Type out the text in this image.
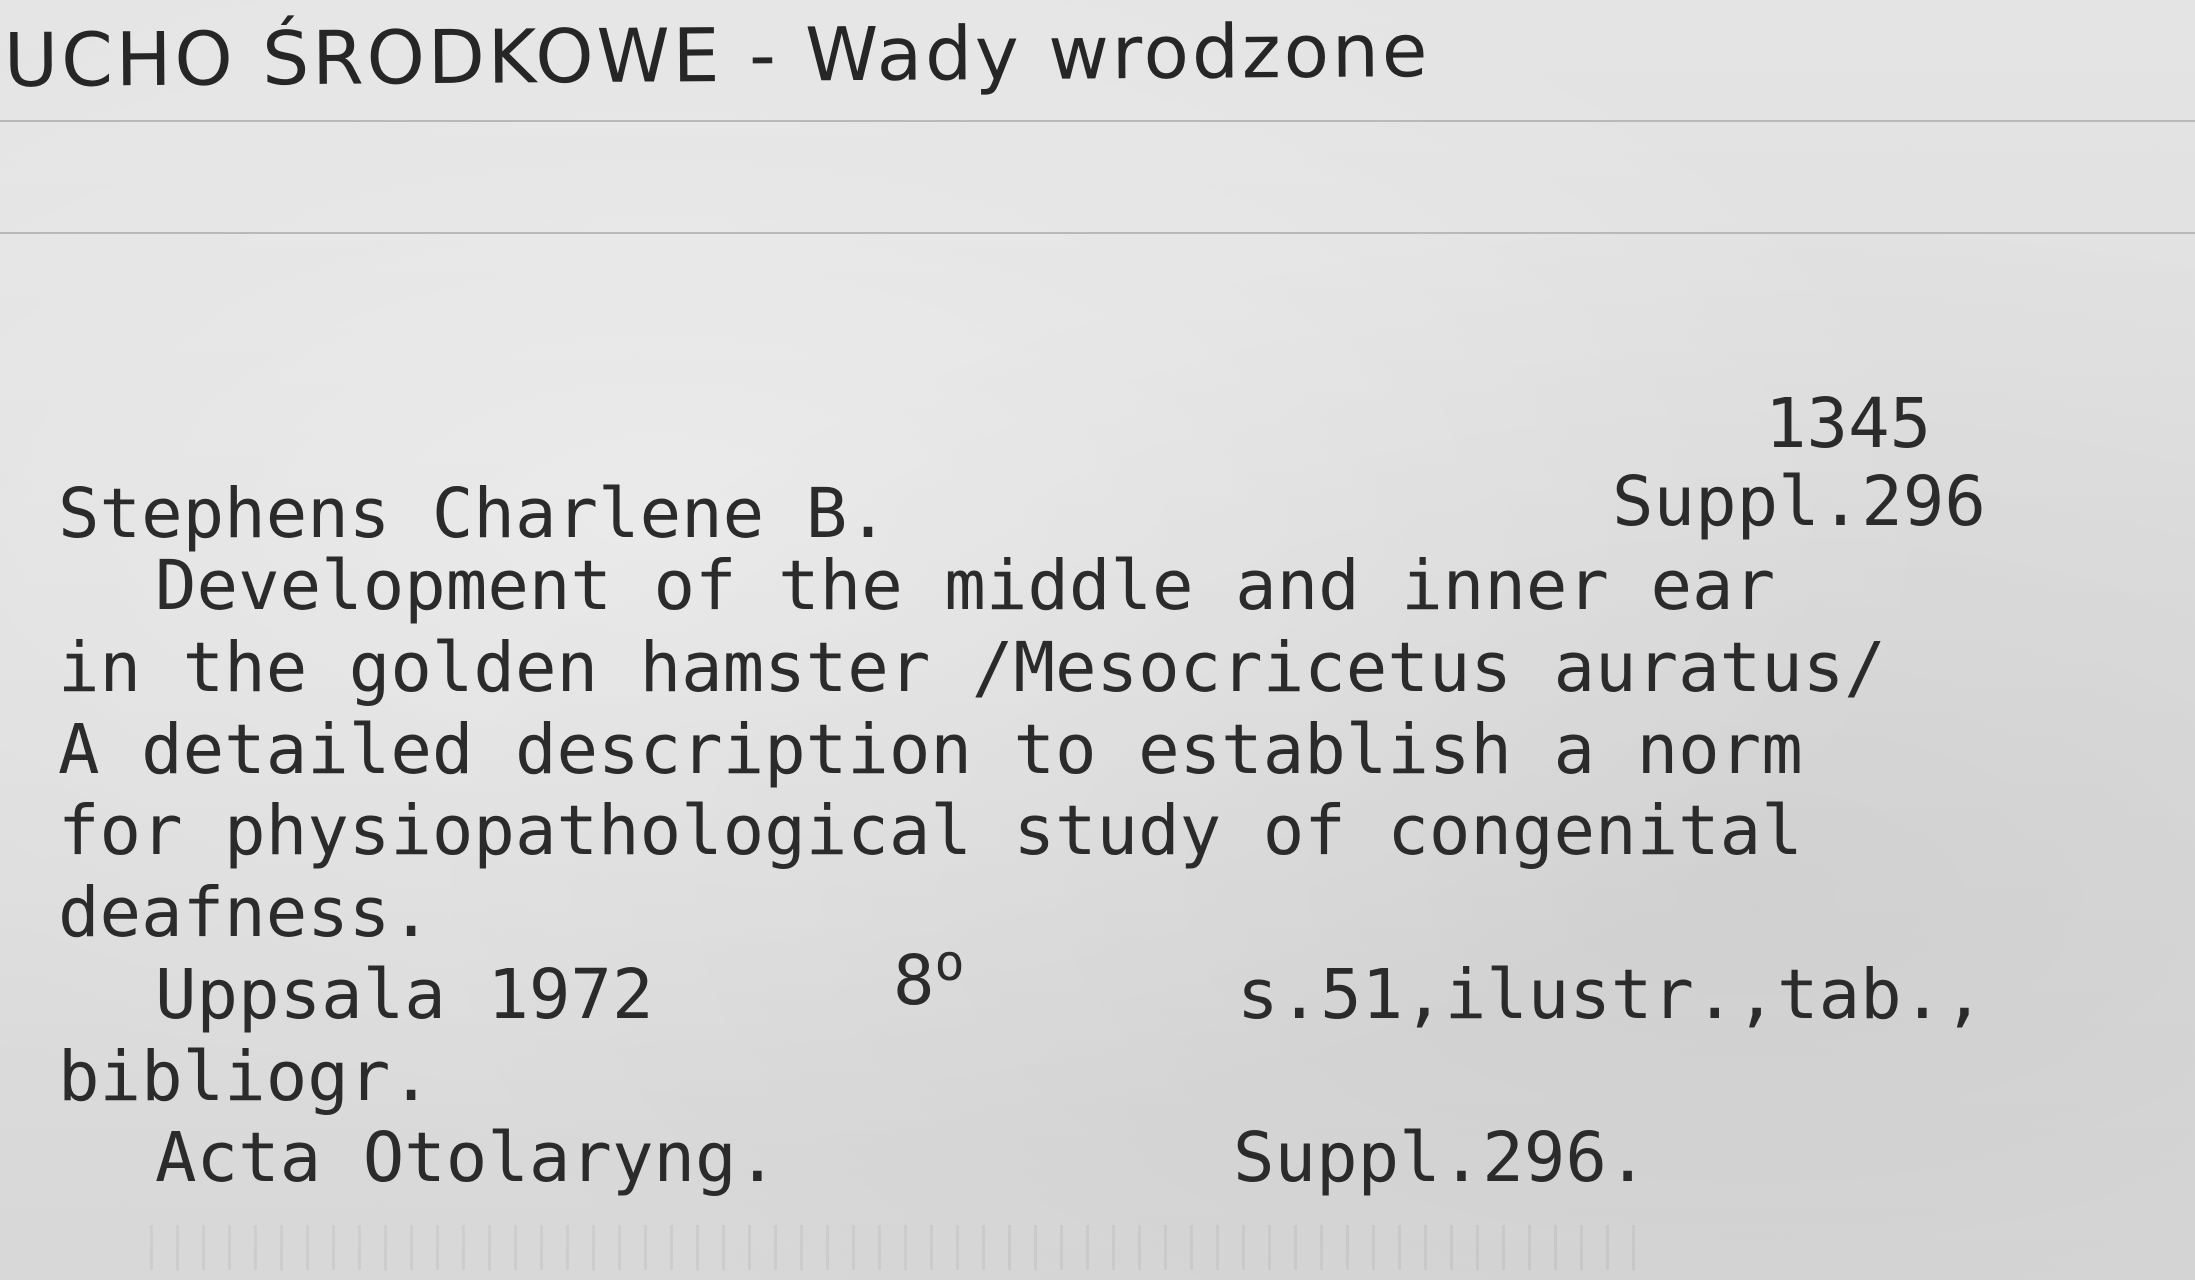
UCHO ŚRODKOWE - Wady wrodzone
1345
Suppl.296
Stephens Charlene B.
Development of the middle and inner ear
in the golden hamster /Mesocricetus auratus/
A detailed description to establish a norm
for physiopathological study of congenital
deafness.
Uppsala 1972	8$^o$	s.51,ilustr.,tab.,
bibliogr.
Acta Otolaryng.	Suppl.296.
